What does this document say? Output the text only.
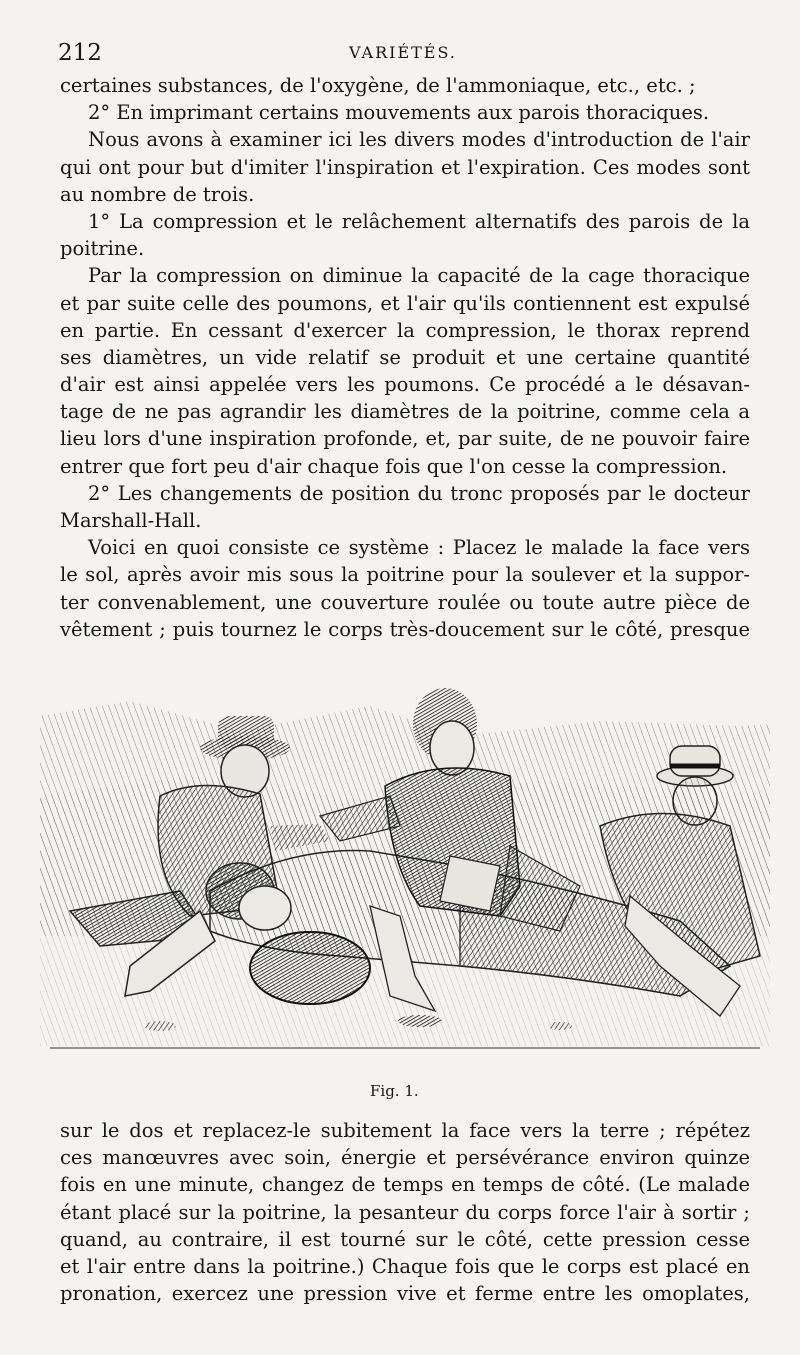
212	VARIÉTÉS.
certaines substances, de l'oxygène, de l'ammoniaque, etc., etc. ;
2° En imprimant certains mouvements aux parois thoraciques.
Nous avons à examiner ici les divers modes d'introduction de l'air
qui ont pour but d'imiter l'inspiration et l'expiration. Ces modes sont
au nombre de trois.
1° La compression et le relâchement alternatifs des parois de la
poitrine.
Par la compression on diminue la capacité de la cage thoracique
et par suite celle des poumons, et l'air qu'ils contiennent est expulsé
en partie. En cessant d'exercer la compression, le thorax reprend
ses diamètres, un vide relatif se produit et une certaine quantité
d'air est ainsi appelée vers les poumons. Ce procédé a le désavan-
tage de ne pas agrandir les diamètres de la poitrine, comme cela a
lieu lors d'une inspiration profonde, et, par suite, de ne pouvoir faire
entrer que fort peu d'air chaque fois que l'on cesse la compression.
2° Les changements de position du tronc proposés par le docteur
Marshall-Hall.
Voici en quoi consiste ce système : Placez le malade la face vers
le sol, après avoir mis sous la poitrine pour la soulever et la suppor-
ter convenablement, une couverture roulée ou toute autre pièce de
vêtement ; puis tournez le corps très-doucement sur le côté, presque
Fig. 1.
sur le dos et replacez-le subitement la face vers la terre ; répétez
ces manœuvres avec soin, énergie et persévérance environ quinze
fois en une minute, changez de temps en temps de côté. (Le malade
étant placé sur la poitrine, la pesanteur du corps force l'air à sortir ;
quand, au contraire, il est tourné sur le côté, cette pression cesse
et l'air entre dans la poitrine.) Chaque fois que le corps est placé en
pronation, exercez une pression vive et ferme entre les omoplates,
